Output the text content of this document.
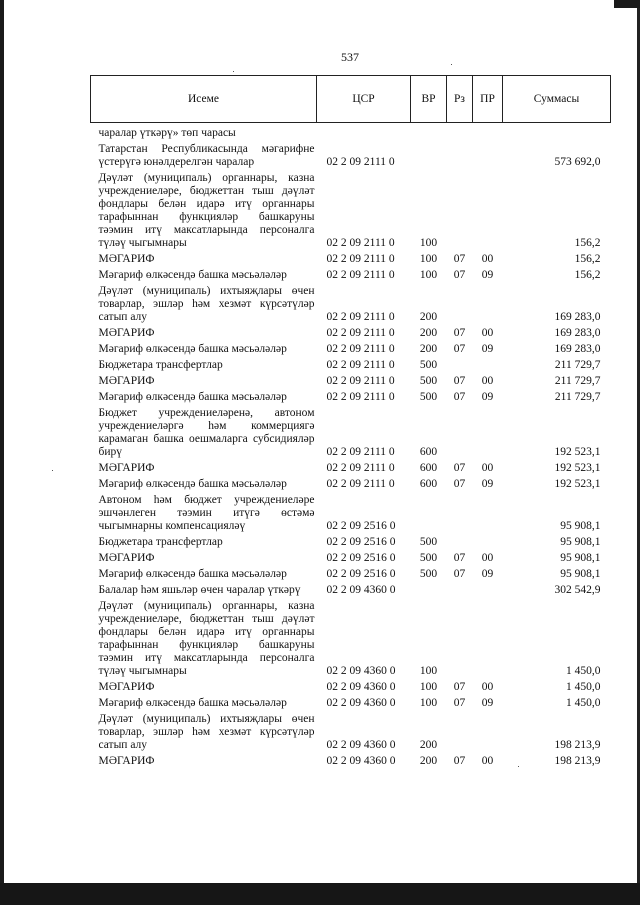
537
Исеме	ЦСР	ВР	Рз	ПР	Суммасы
чаралар үткәрү» төп чарасы					
Татарстан Республикасында мәгарифне үстерүгә юнәлдерелгән чаралар	02 2 09 2111 0				573 692,0
Дәүләт (муниципаль) органнары, казна учреждениеләре, бюджеттан тыш дәүләт фондлары белән идарә итү органнары тарафыннан функцияләр башкаруны тәэмин итү максатларында персоналга түләү чыгымнары	02 2 09 2111 0	100			156,2
МӘГАРИФ	02 2 09 2111 0	100	07	00	156,2
Мәгариф өлкәсендә башка мәсьәләләр	02 2 09 2111 0	100	07	09	156,2
Дәүләт (муниципаль) ихтыяҗлары өчен товарлар, эшләр һәм хезмәт күрсәтүләр сатып алу	02 2 09 2111 0	200			169 283,0
МӘГАРИФ	02 2 09 2111 0	200	07	00	169 283,0
Мәгариф өлкәсендә башка мәсьәләләр	02 2 09 2111 0	200	07	09	169 283,0
Бюджетара трансфертлар	02 2 09 2111 0	500			211 729,7
МӘГАРИФ	02 2 09 2111 0	500	07	00	211 729,7
Мәгариф өлкәсендә башка мәсьәләләр	02 2 09 2111 0	500	07	09	211 729,7
Бюджет учреждениеләренә, автоном учреждениеләргә һәм коммерциягә карамаган башка оешмаларга субсидияләр бирү	02 2 09 2111 0	600			192 523,1
МӘГАРИФ	02 2 09 2111 0	600	07	00	192 523,1
Мәгариф өлкәсендә башка мәсьәләләр	02 2 09 2111 0	600	07	09	192 523,1
Автоном һәм бюджет учреждениеләре эшчәнлеген тәэмин итүгә өстәмә чыгымнарны компенсацияләү	02 2 09 2516 0				95 908,1
Бюджетара трансфертлар	02 2 09 2516 0	500			95 908,1
МӘГАРИФ	02 2 09 2516 0	500	07	00	95 908,1
Мәгариф өлкәсендә башка мәсьәләләр	02 2 09 2516 0	500	07	09	95 908,1
Балалар һәм яшьләр өчен чаралар үткәрү	02 2 09 4360 0				302 542,9
Дәүләт (муниципаль) органнары, казна учреждениеләре, бюджеттан тыш дәүләт фондлары белән идарә итү органнары тарафыннан функцияләр башкаруны тәэмин итү максатларында персоналга түләү чыгымнары	02 2 09 4360 0	100			1 450,0
МӘГАРИФ	02 2 09 4360 0	100	07	00	1 450,0
Мәгариф өлкәсендә башка мәсьәләләр	02 2 09 4360 0	100	07	09	1 450,0
Дәүләт (муниципаль) ихтыяҗлары өчен товарлар, эшләр һәм хезмәт күрсәтүләр сатып алу	02 2 09 4360 0	200			198 213,9
МӘГАРИФ	02 2 09 4360 0	200	07	00	198 213,9
